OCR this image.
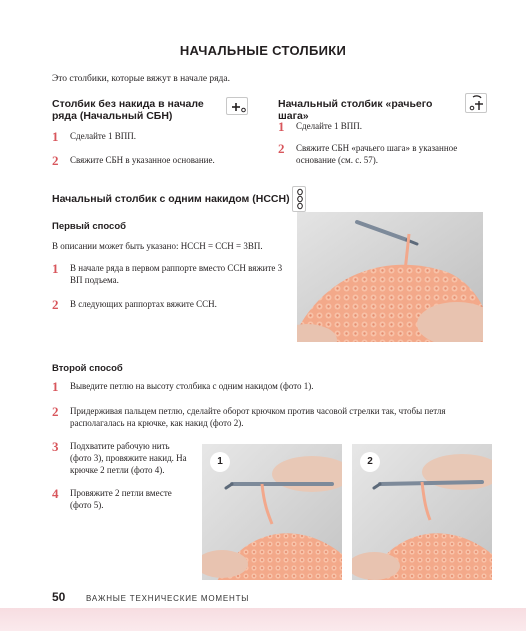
НАЧАЛЬНЫЕ СТОЛБИКИ
Это столбики, которые вяжут в начале ряда.
Столбик без накида в начале ряда (Начальный СБН)
1	Сделайте 1 ВПП.
2	Свяжите СБН в указанное основание.
Начальный столбик «рачьего шага»
1	Сделайте 1 ВПП.
2	Свяжите СБН «рачьего шага» в указанное основание (см. с. 57).
Начальный столбик с одним накидом (НССН)
Первый способ
В описании может быть указано: НССН = ССН = 3ВП.
1	В начале ряда в первом раппорте вместо ССН вяжите 3 ВП подъема.
2	В следующих раппортах вяжите ССН.
Второй способ
1	Выведите петлю на высоту столбика с одним накидом (фото 1).
2	Придерживая пальцем петлю, сделайте оборот крючком против часовой стрелки так, чтобы петля располагалась на крючке, как накид (фото 2).
3	Подхватите рабочую нить (фото 3), провяжите накид. На крючке 2 петли (фото 4).
4	Провяжите 2 петли вместе (фото 5).
1	2
50	ВАЖНЫЕ ТЕХНИЧЕСКИЕ МОМЕНТЫ
